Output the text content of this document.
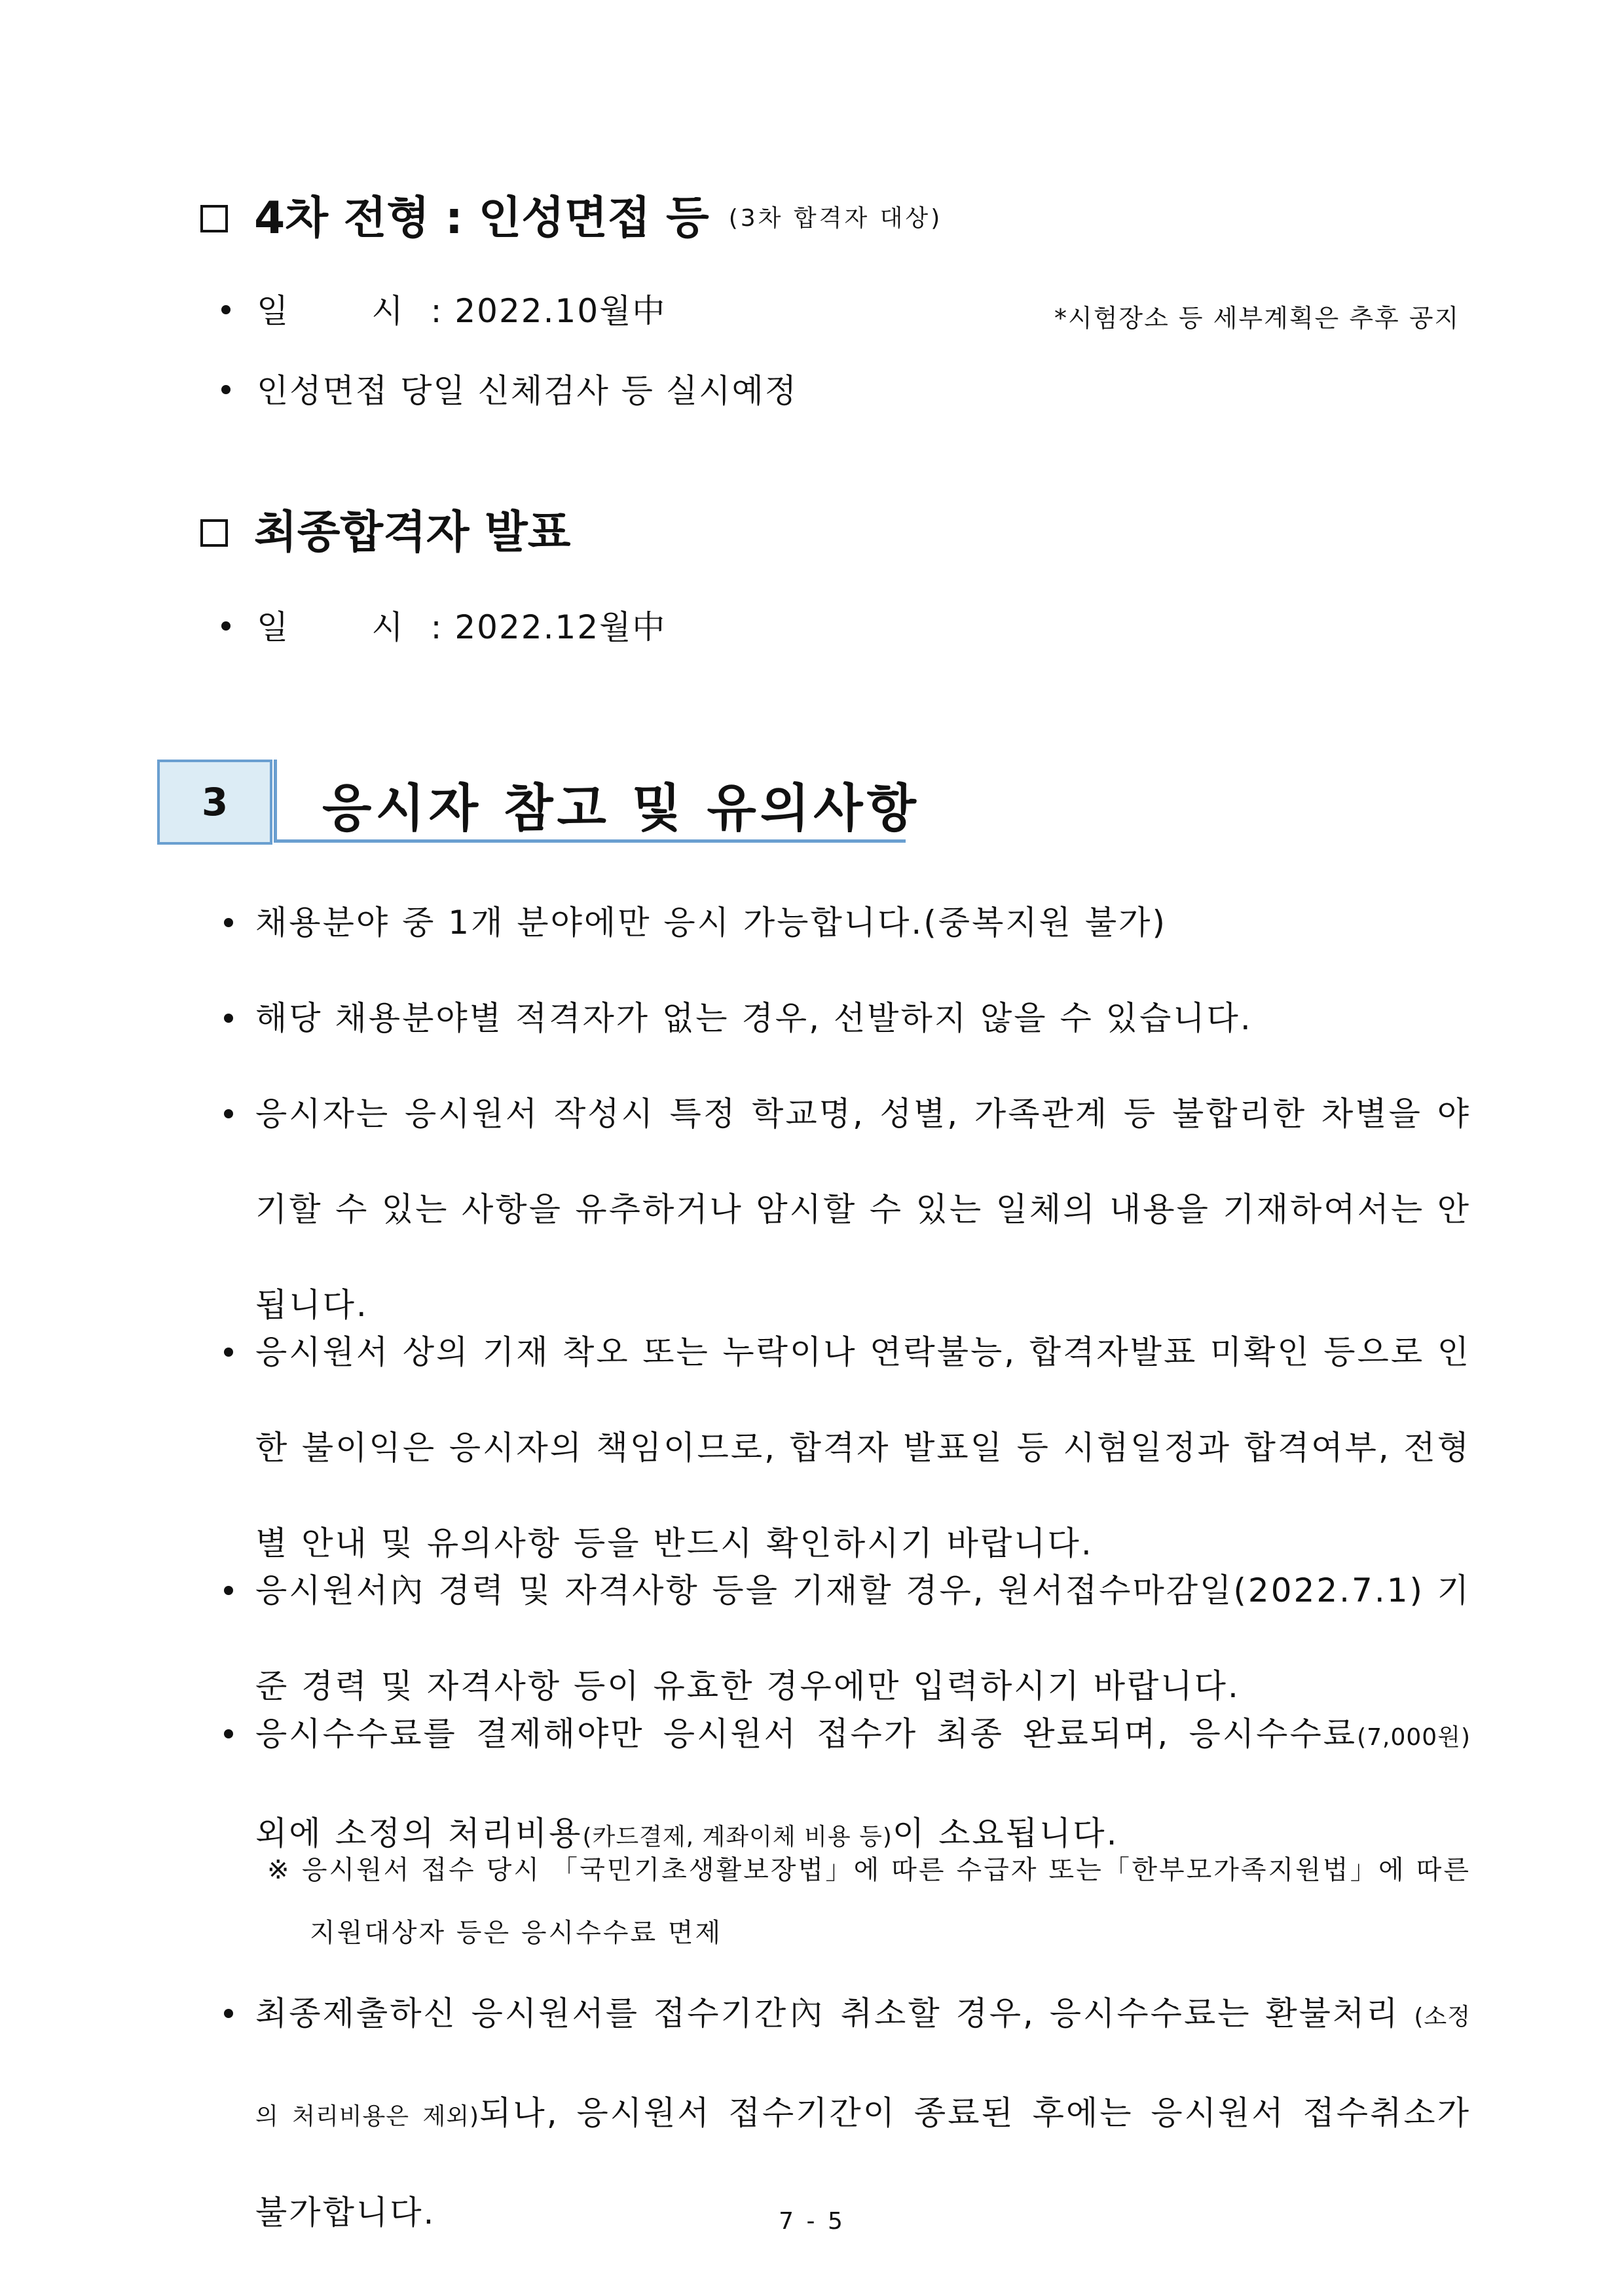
4차 전형 : 인성면접 등 (3차 합격자 대상)
일	시 : 2022.10월中	*시험장소 등 세부계획은 추후 공지
인성면접 당일 신체검사 등 실시예정
최종합격자 발표
일	시 : 2022.12월中
3	응시자 참고 및 유의사항
채용분야 중 1개 분야에만 응시 가능합니다.(중복지원 불가)
해당 채용분야별 적격자가 없는 경우, 선발하지 않을 수 있습니다.
응시자는 응시원서 작성시 특정 학교명, 성별, 가족관계 등 불합리한 차별을 야기할 수 있는 사항을 유추하거나 암시할 수 있는 일체의 내용을 기재하여서는 안 됩니다.
응시원서 상의 기재 착오 또는 누락이나 연락불능, 합격자발표 미확인 등으로 인한 불이익은 응시자의 책임이므로, 합격자 발표일 등 시험일정과 합격여부, 전형별 안내 및 유의사항 등을 반드시 확인하시기 바랍니다.
응시원서內 경력 및 자격사항 등을 기재할 경우, 원서접수마감일(2022.7.1) 기준 경력 및 자격사항 등이 유효한 경우에만 입력하시기 바랍니다.
응시수수료를 결제해야만 응시원서 접수가 최종 완료되며, 응시수수료(7,000원) 외에 소정의 처리비용(카드결제, 계좌이체 비용 등)이 소요됩니다.
※ 응시원서 접수 당시 「국민기초생활보장법」에 따른 수급자 또는「한부모가족지원법」에 따른 지원대상자 등은 응시수수료 면제
최종제출하신 응시원서를 접수기간內 취소할 경우, 응시수수료는 환불처리 (소정의 처리비용은 제외)되나, 응시원서 접수기간이 종료된 후에는 응시원서 접수취소가 불가합니다.	7 - 5
